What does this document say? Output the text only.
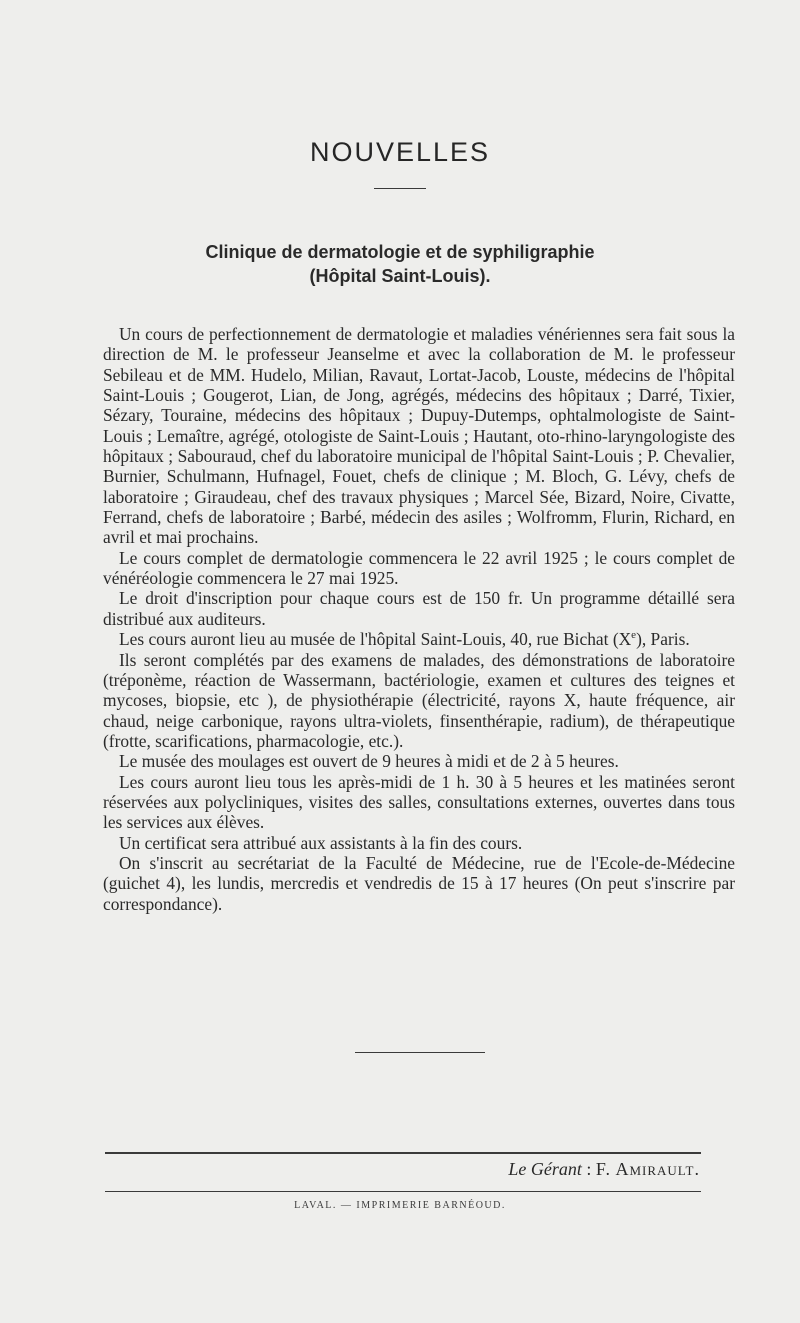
NOUVELLES
Clinique de dermatologie et de syphiligraphie
(Hôpital Saint-Louis).

Un cours de perfectionnement de dermatologie et maladies vénériennes sera fait sous la direction de M. le professeur Jeanselme et avec la collaboration de M. le professeur Sebileau et de MM. Hudelo, Milian, Ravaut, Lortat-Jacob, Louste, médecins de l'hôpital Saint-Louis ; Gougerot, Lian, de Jong, agrégés, médecins des hôpitaux ; Darré, Tixier, Sézary, Touraine, médecins des hôpitaux ; Dupuy-Dutemps, ophtalmologiste de Saint-Louis ; Lemaître, agrégé, otologiste de Saint-Louis ; Hautant, oto-rhino-laryngologiste des hôpitaux ; Sabouraud, chef du laboratoire municipal de l'hôpital Saint-Louis ; P. Chevalier, Burnier, Schulmann, Hufnagel, Fouet, chefs de clinique ; M. Bloch, G. Lévy, chefs de laboratoire ; Giraudeau, chef des travaux physiques ; Marcel Sée, Bizard, Noire, Civatte, Ferrand, chefs de laboratoire ; Barbé, médecin des asiles ; Wolfromm, Flurin, Richard, en avril et mai prochains.

Le cours complet de dermatologie commencera le 22 avril 1925 ; le cours complet de vénéréologie commencera le 27 mai 1925.

Le droit d'inscription pour chaque cours est de 150 fr. Un programme détaillé sera distribué aux auditeurs.

Les cours auront lieu au musée de l'hôpital Saint-Louis, 40, rue Bichat (Xe), Paris.

Ils seront complétés par des examens de malades, des démonstrations de laboratoire (tréponème, réaction de Wassermann, bactériologie, examen et cultures des teignes et mycoses, biopsie, etc ), de physiothérapie (électricité, rayons X, haute fréquence, air chaud, neige carbonique, rayons ultra-violets, finsenthérapie, radium), de thérapeutique (frotte, scarifications, pharmacologie, etc.).

Le musée des moulages est ouvert de 9 heures à midi et de 2 à 5 heures.

Les cours auront lieu tous les après-midi de 1 h. 30 à 5 heures et les matinées seront réservées aux polycliniques, visites des salles, consultations externes, ouvertes dans tous les services aux élèves.

Un certificat sera attribué aux assistants à la fin des cours.

On s'inscrit au secrétariat de la Faculté de Médecine, rue de l'Ecole-de-Médecine (guichet 4), les lundis, mercredis et vendredis de 15 à 17 heures (On peut s'inscrire par correspondance).

Le Gérant : F. Amirault.
LAVAL. — IMPRIMERIE BARNÉOUD.
